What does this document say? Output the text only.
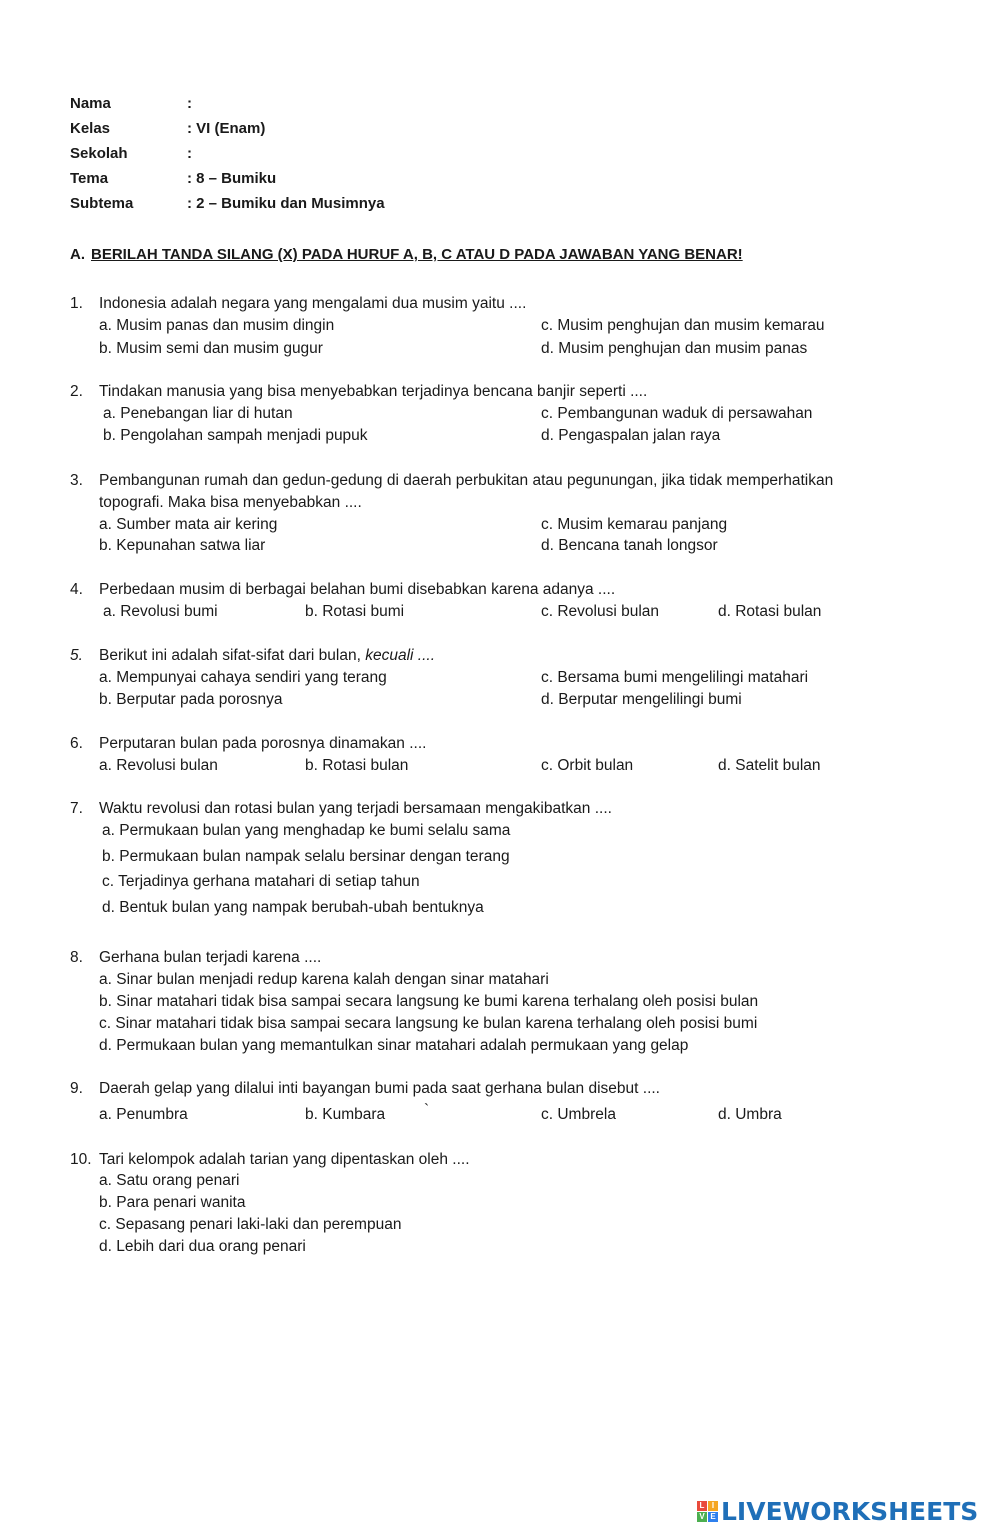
Nama	:
Kelas	: VI (Enam)
Sekolah	:
Tema	: 8 – Bumiku
Subtema	: 2 – Bumiku dan Musimnya
A. BERILAH TANDA SILANG (X) PADA HURUF A, B, C ATAU D PADA JAWABAN YANG BENAR!
1. Indonesia adalah negara yang mengalami dua musim yaitu ....
a. Musim panas dan musim dingin	c. Musim penghujan dan musim kemarau
b. Musim semi dan musim gugur	d. Musim penghujan dan musim panas
2. Tindakan manusia yang bisa menyebabkan terjadinya bencana banjir seperti ....
a. Penebangan liar di hutan	c. Pembangunan waduk di persawahan
b. Pengolahan sampah menjadi pupuk	d. Pengaspalan jalan raya
3. Pembangunan rumah dan gedun-gedung di daerah perbukitan atau pegunungan, jika tidak memperhatikan
topografi. Maka bisa menyebabkan ....
a. Sumber mata air kering	c. Musim kemarau panjang
b. Kepunahan satwa liar	d. Bencana tanah longsor
4. Perbedaan musim di berbagai belahan bumi disebabkan karena adanya ....
a. Revolusi bumi	b. Rotasi bumi	c. Revolusi bulan	d. Rotasi bulan
5. Berikut ini adalah sifat-sifat dari bulan, kecuali ....
a. Mempunyai cahaya sendiri yang terang	c. Bersama bumi mengelilingi matahari
b. Berputar pada porosnya	d. Berputar mengelilingi bumi
6. Perputaran bulan pada porosnya dinamakan ....
a. Revolusi bulan	b. Rotasi bulan	c. Orbit bulan	d. Satelit bulan
7. Waktu revolusi dan rotasi bulan yang terjadi bersamaan mengakibatkan ....
a. Permukaan bulan yang menghadap ke bumi selalu sama
b. Permukaan bulan nampak selalu bersinar dengan terang
c. Terjadinya gerhana matahari di setiap tahun
d. Bentuk bulan yang nampak berubah-ubah bentuknya
8. Gerhana bulan terjadi karena ....
a. Sinar bulan menjadi redup karena kalah dengan sinar matahari
b. Sinar matahari tidak bisa sampai secara langsung ke bumi karena terhalang oleh posisi bulan
c. Sinar matahari tidak bisa sampai secara langsung ke bulan karena terhalang oleh posisi bumi
d. Permukaan bulan yang memantulkan sinar matahari adalah permukaan yang gelap
9. Daerah gelap yang dilalui inti bayangan bumi pada saat gerhana bulan disebut ....
a. Penumbra	b. Kumbara	`	c. Umbrela	d. Umbra
10. Tari kelompok adalah tarian yang dipentaskan oleh ....
a. Satu orang penari
b. Para penari wanita
c. Sepasang penari laki-laki dan perempuan
d. Lebih dari dua orang penari
L I
V E LIVEWORKSHEETS
